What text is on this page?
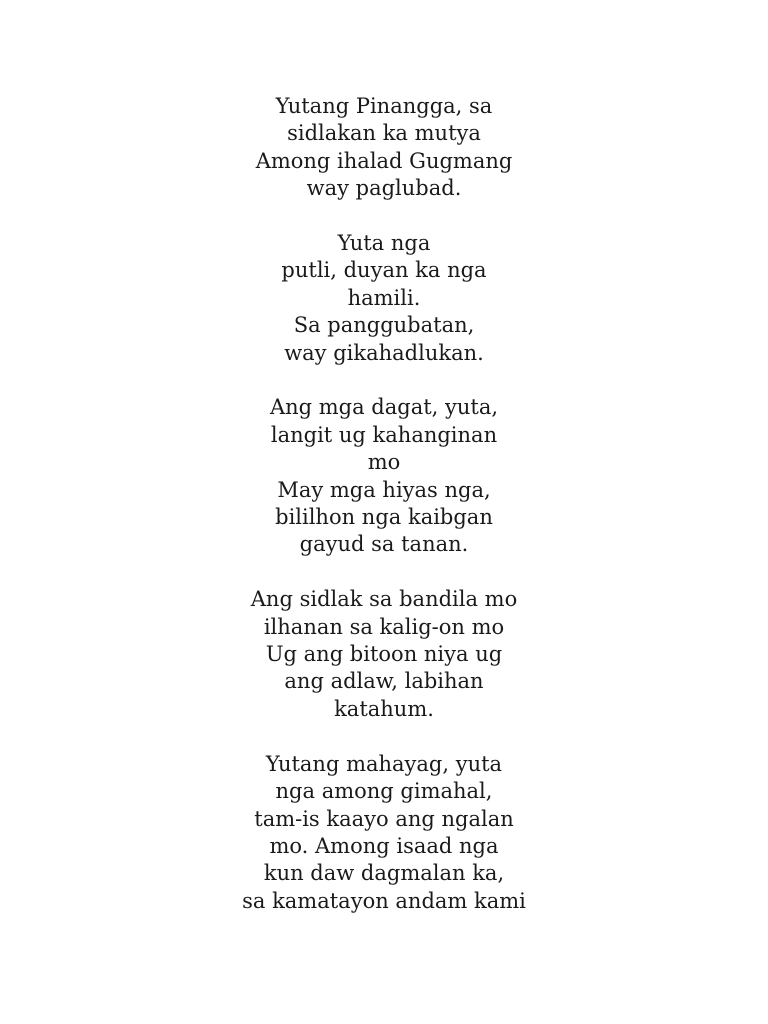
Yutang Pinangga, sa
sidlakan ka mutya
Among ihalad Gugmang
way paglubad.
Yuta nga
putli, duyan ka nga
hamili.
Sa panggubatan,
way gikahadlukan.
Ang mga dagat, yuta,
langit ug kahanginan
mo
May mga hiyas nga,
bililhon nga kaibgan
gayud sa tanan.
Ang sidlak sa bandila mo
ilhanan sa kalig-on mo
Ug ang bitoon niya ug
ang adlaw, labihan
katahum.
Yutang mahayag, yuta
nga among gimahal,
tam-is kaayo ang ngalan
mo. Among isaad nga
kun daw dagmalan ka,
sa kamatayon andam kami
